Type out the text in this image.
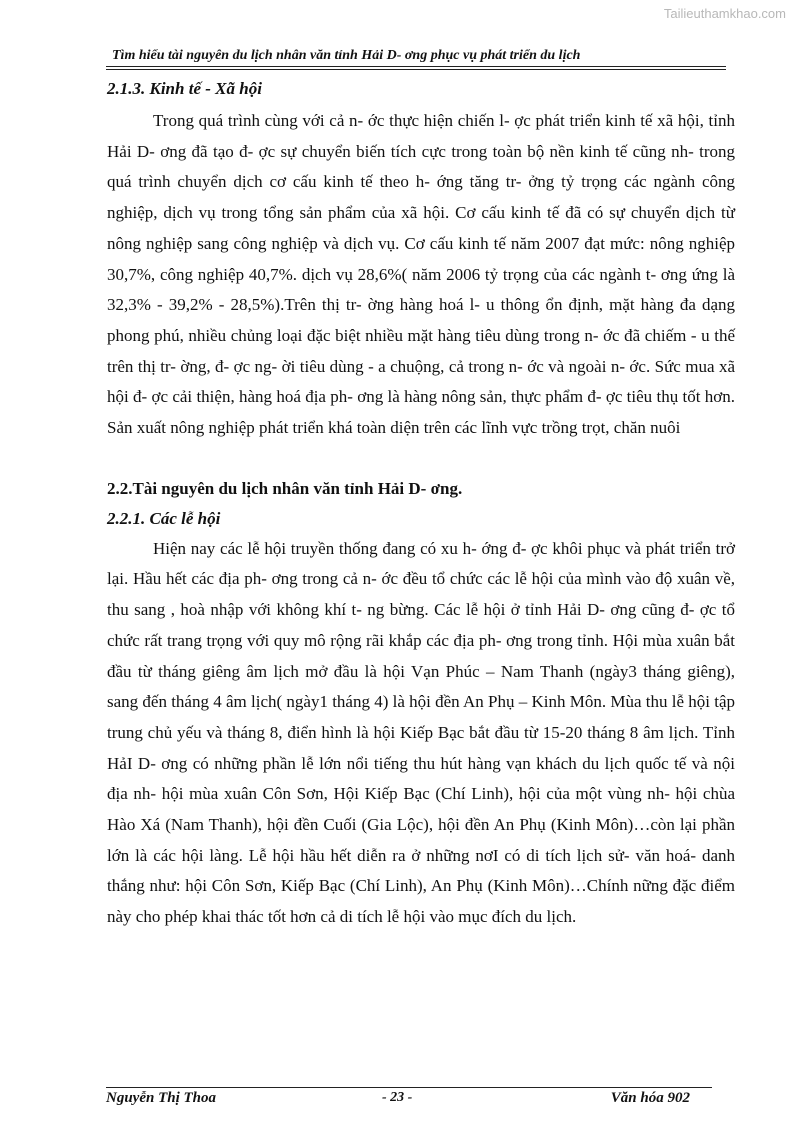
Tailieuthamkhao.com
Tìm hiểu tài nguyên du lịch nhân văn tỉnh Hải D- ơng phục vụ phát triển du lịch
2.1.3. Kinh tế - Xã hội

Trong quá trình cùng với cả n- ớc thực hiện chiến l- ợc phát triển kinh tế xã hội, tỉnh Hải D- ơng đã tạo đ- ợc sự chuyển biến tích cực trong toàn bộ nền kinh tế cũng nh- trong quá trình chuyển dịch cơ cấu kinh tế theo h- ớng tăng tr- ởng tỷ trọng các ngành công nghiệp, dịch vụ trong tổng sản phẩm của xã hội. Cơ cấu kinh tế đã có sự chuyển dịch từ nông nghiệp sang công nghiệp và dịch vụ. Cơ cấu kinh tế năm 2007 đạt mức: nông nghiệp 30,7%, công nghiệp 40,7%. dịch vụ 28,6%( năm 2006 tỷ trọng của các ngành t- ơng ứng là 32,3% - 39,2% - 28,5%).Trên thị tr- ờng hàng hoá l- u thông ổn định, mặt hàng đa dạng phong phú, nhiều chủng loại đặc biệt nhiều mặt hàng tiêu dùng trong n- ớc đã chiếm - u thế trên thị tr- ờng, đ- ợc ng- ời tiêu dùng - a chuộng, cả trong n- ớc và ngoài n- ớc. Sức mua xã hội đ- ợc cải thiện, hàng hoá địa ph- ơng là hàng nông sản, thực phẩm đ- ợc tiêu thụ tốt hơn. Sản xuất nông nghiệp phát triển khá toàn diện trên các lĩnh vực trồng trọt, chăn nuôi

2.2.Tài nguyên du lịch nhân văn tỉnh Hải D- ơng.
2.2.1. Các lễ hội

Hiện nay các lễ hội truyền thống đang có xu h- ớng đ- ợc khôi phục và phát triển trở lại. Hầu hết các địa ph- ơng trong cả n- ớc đều tổ chức các lễ hội của mình vào độ xuân về, thu sang , hoà nhập với không khí t- ng bừng. Các lễ hội ở tỉnh Hải D- ơng cũng đ- ợc tổ chức rất trang trọng với quy mô rộng rãi khắp các địa ph- ơng trong tỉnh. Hội mùa xuân bắt đầu từ tháng giêng âm lịch mở đầu là hội Vạn Phúc – Nam Thanh (ngày3 tháng giêng), sang đến tháng 4 âm lịch( ngày1 tháng 4) là hội đền An Phụ – Kinh Môn. Mùa thu lễ hội tập trung chủ yếu và tháng 8, điển hình là hội Kiếp Bạc bắt đầu từ 15-20 tháng 8 âm lịch. Tỉnh HảI D- ơng có những phần lễ lớn nổi tiếng thu hút hàng vạn khách du lịch quốc tế và nội địa nh- hội mùa xuân Côn Sơn, Hội Kiếp Bạc (Chí Linh), hội của một vùng nh- hội chùa Hào Xá (Nam Thanh), hội đền Cuối (Gia Lộc), hội đền An Phụ (Kinh Môn)…còn lại phần lớn là các hội làng. Lễ hội hầu hết diễn ra ở những nơI có di tích lịch sử- văn hoá- danh thắng như: hội Côn Sơn, Kiếp Bạc (Chí Linh), An Phụ (Kinh Môn)…Chính nững đặc điểm này cho phép khai thác tốt hơn cả di tích lễ hội vào mục đích du lịch.

Nguyễn Thị Thoa	- 23 -	Văn hóa 902
